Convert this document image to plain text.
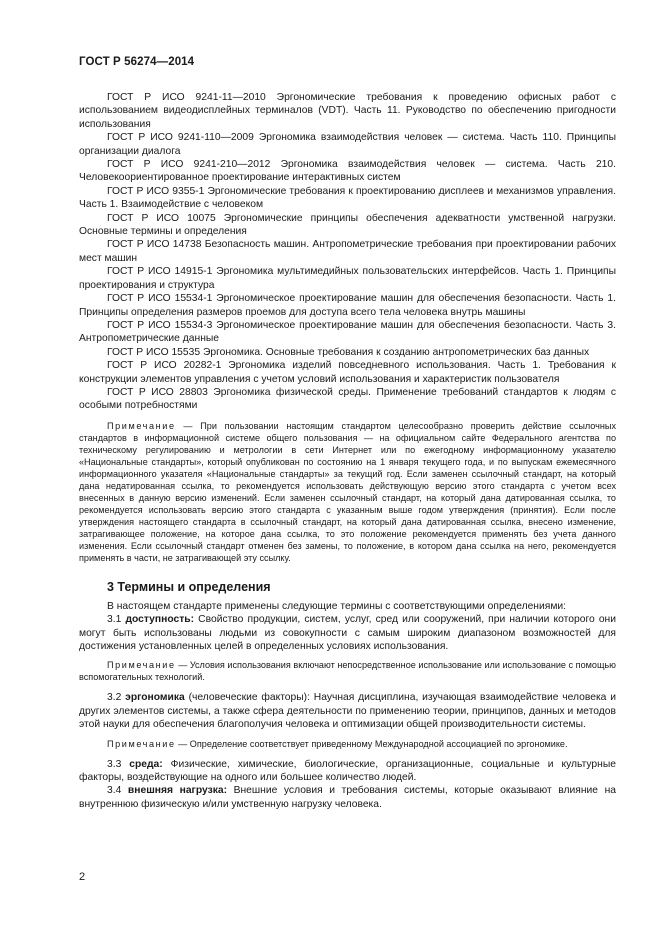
ГОСТ Р 56274—2014

ГОСТ Р ИСО 9241-11—2010 Эргономические требования к проведению офисных работ с использованием видеодисплейных терминалов (VDT). Часть 11. Руководство по обеспечению пригодности использования

ГОСТ Р ИСО 9241-110—2009 Эргономика взаимодействия человек — система. Часть 110. Принципы организации диалога

ГОСТ Р ИСО 9241-210—2012 Эргономика взаимодействия человек — система. Часть 210. Человекоориентированное проектирование интерактивных систем

ГОСТ Р ИСО 9355-1 Эргономические требования к проектированию дисплеев и механизмов управления. Часть 1. Взаимодействие с человеком

ГОСТ Р ИСО 10075 Эргономические принципы обеспечения адекватности умственной нагрузки. Основные термины и определения

ГОСТ Р ИСО 14738 Безопасность машин. Антропометрические требования при проектировании рабочих мест машин

ГОСТ Р ИСО 14915-1 Эргономика мультимедийных пользовательских интерфейсов. Часть 1. Принципы проектирования и структура

ГОСТ Р ИСО 15534-1 Эргономическое проектирование машин для обеспечения безопасности. Часть 1. Принципы определения размеров проемов для доступа всего тела человека внутрь машины

ГОСТ Р ИСО 15534-3 Эргономическое проектирование машин для обеспечения безопасности. Часть 3. Антропометрические данные

ГОСТ Р ИСО 15535 Эргономика. Основные требования к созданию антропометрических баз данных

ГОСТ Р ИСО 20282-1 Эргономика изделий повседневного использования. Часть 1. Требования к конструкции элементов управления с учетом условий использования и характеристик пользователя

ГОСТ Р ИСО 28803 Эргономика физической среды. Применение требований стандартов к людям с особыми потребностями

Примечание — При пользовании настоящим стандартом целесообразно проверить действие ссылочных стандартов в информационной системе общего пользования — на официальном сайте Федерального агентства по техническому регулированию и метрологии в сети Интернет или по ежегодному информационному указателю «Национальные стандарты», который опубликован по состоянию на 1 января текущего года, и по выпускам ежемесячного информационного указателя «Национальные стандарты» за текущий год. Если заменен ссылочный стандарт, на который дана недатированная ссылка, то рекомендуется использовать действующую версию этого стандарта с учетом всех внесенных в данную версию изменений. Если заменен ссылочный стандарт, на который дана датированная ссылка, то рекомендуется использовать версию этого стандарта с указанным выше годом утверждения (принятия). Если после утверждения настоящего стандарта в ссылочный стандарт, на который дана датированная ссылка, внесено изменение, затрагивающее положение, на которое дана ссылка, то это положение рекомендуется применять без учета данного изменения. Если ссылочный стандарт отменен без замены, то положение, в котором дана ссылка на него, рекомендуется применять в части, не затрагивающей эту ссылку.

3 Термины и определения

В настоящем стандарте применены следующие термины с соответствующими определениями:

3.1 доступность: Свойство продукции, систем, услуг, сред или сооружений, при наличии которого они могут быть использованы людьми из совокупности с самым широким диапазоном возможностей для достижения установленных целей в определенных условиях использования.

Примечание — Условия использования включают непосредственное использование или использование с помощью вспомогательных технологий.

3.2 эргономика (человеческие факторы): Научная дисциплина, изучающая взаимодействие человека и других элементов системы, а также сфера деятельности по применению теории, принципов, данных и методов этой науки для обеспечения благополучия человека и оптимизации общей производительности системы.

Примечание — Определение соответствует приведенному Международной ассоциацией по эргономике.

3.3 среда: Физические, химические, биологические, организационные, социальные и культурные факторы, воздействующие на одного или большее количество людей.

3.4 внешняя нагрузка: Внешние условия и требования системы, которые оказывают влияние на внутреннюю физическую и/или умственную нагрузку человека.

2
